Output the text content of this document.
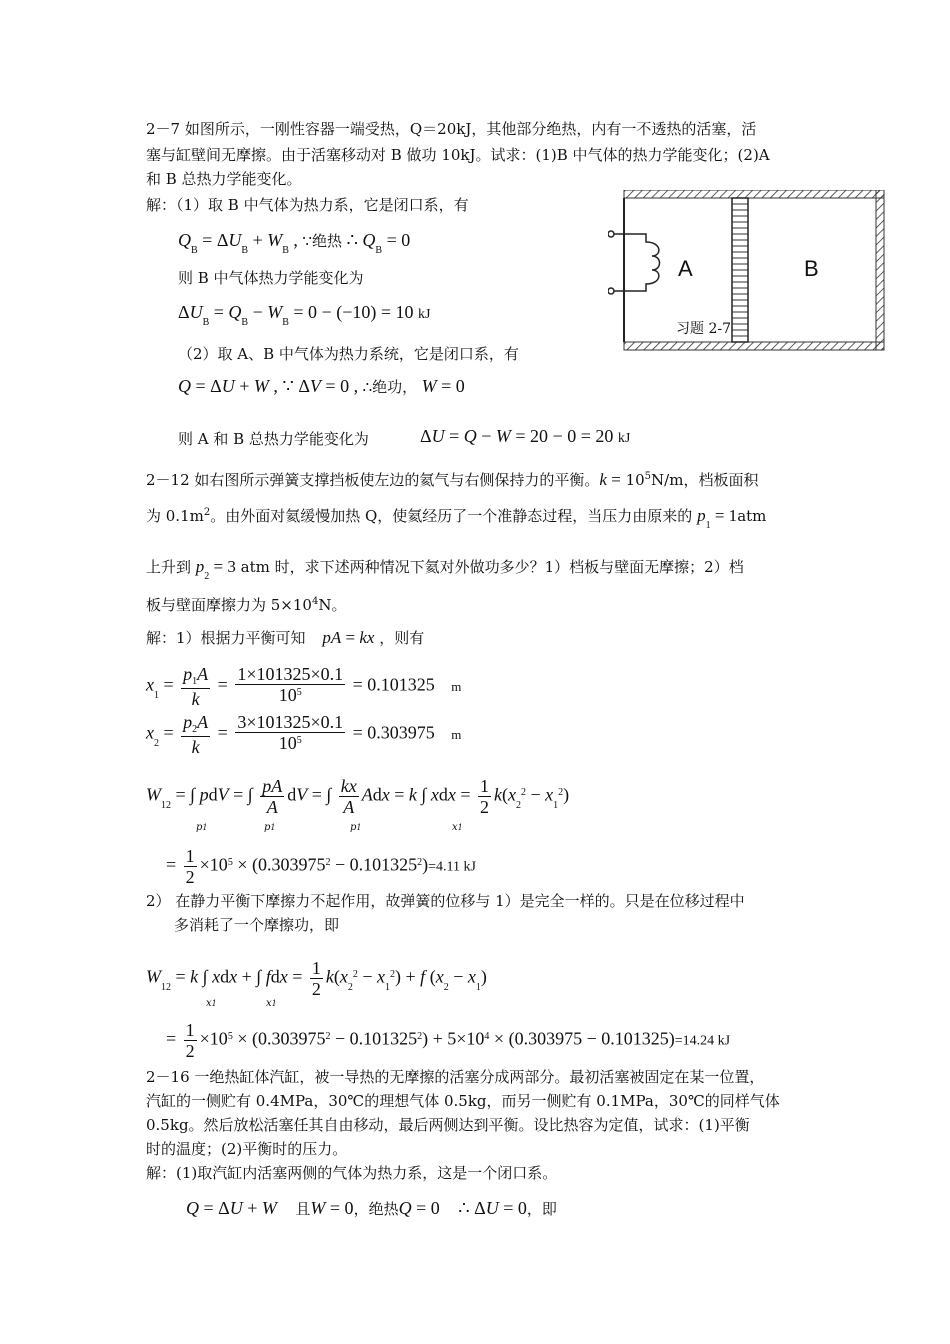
2－7 如图所示，一刚性容器一端受热，Q＝20kJ，其他部分绝热，内有一不透热的活塞，活
塞与缸壁间无摩擦。由于活塞移动对 B 做功 10kJ。试求：(1)B 中气体的热力学能变化；(2)A
和 B 总热力学能变化。
解：（1）取 B 中气体为热力系，它是闭口系，有
$Q_B = \Delta U_B + W_B$ , ∵绝热 ∴ $Q_B = 0$
则 B 中气体热力学能变化为
$\Delta U_B = Q_B - W_B = 0 - (-10) = 10$ kJ
（2）取 A、B 中气体为热力系统，它是闭口系，有
Q = ΔU + W , ∵ ΔV = 0 , ∴绝功， W = 0
则 A 和 B 总热力学能变化为	ΔU = Q − W = 20 − 0 = 20 kJ
A	B
习题 2-7
2－12 如右图所示弹簧支撑挡板使左边的氦气与右侧保持力的平衡。$k = 10^5N/m$，档板面积
为 $0.1m^2$。由外面对氦缓慢加热 Q，使氦经历了一个准静态过程，当压力由原来的 $p_1 = 1atm$
上升到 $p_2 = 3$ atm 时，求下述两种情况下氦对外做功多少？1）档板与壁面无摩擦；2）档
板与壁面摩擦力为 $5\times 10^4N$。
解：1）根据力平衡可知 pA = kx ，则有
$x_1 = \frac{p_1A}{k} = \frac{1\times 101325\times 0.1}{10^5} = 0.101325$ m
$x_2 = \frac{p_2A}{k} = \frac{3\times 101325\times 0.1}{10^5} = 0.303975$ m
$W_{12}$ = ∫ pdV = ∫ $\frac{pA}{A}$ dV = ∫ $\frac{kx}{A}$ Adx = k ∫ xdx = $\frac{1}{2} k(x_2^2 - x_1^2)$
p1	p1	p1	x1
= $\frac{1}{2} \times 10^5 \times (0.303975^2 - 0.101325^2)=4.11$ kJ
2） 在静力平衡下摩擦力不起作用，故弹簧的位移与 1）是完全一样的。只是在位移过程中
多消耗了一个摩擦功，即
$W_{12} = k$ ∫ xdx + ∫ fdx = $\frac{1}{2} k(x_2^2 - x_1^2) + f$ $(x_2 - x_1)$
x1	x1
= $\frac{1}{2} \times 10^5 \times (0.303975^2 - 0.101325^2) + 5\times 10^4 \times (0.303975 - 0.101325)=14.24$ kJ
2－16 一绝热缸体汽缸，被一导热的无摩擦的活塞分成两部分。最初活塞被固定在某一位置，
汽缸的一侧贮有 0.4MPa，30℃的理想气体 0.5kg，而另一侧贮有 0.1MPa，30℃的同样气体
0.5kg。然后放松活塞任其自由移动，最后两侧达到平衡。设比热容为定值，试求：(1)平衡
时的温度；(2)平衡时的压力。
解：(1)取汽缸内活塞两侧的气体为热力系，这是一个闭口系。
Q = ΔU + W 且W = 0，绝热Q = 0 ∴ ΔU = 0，即
